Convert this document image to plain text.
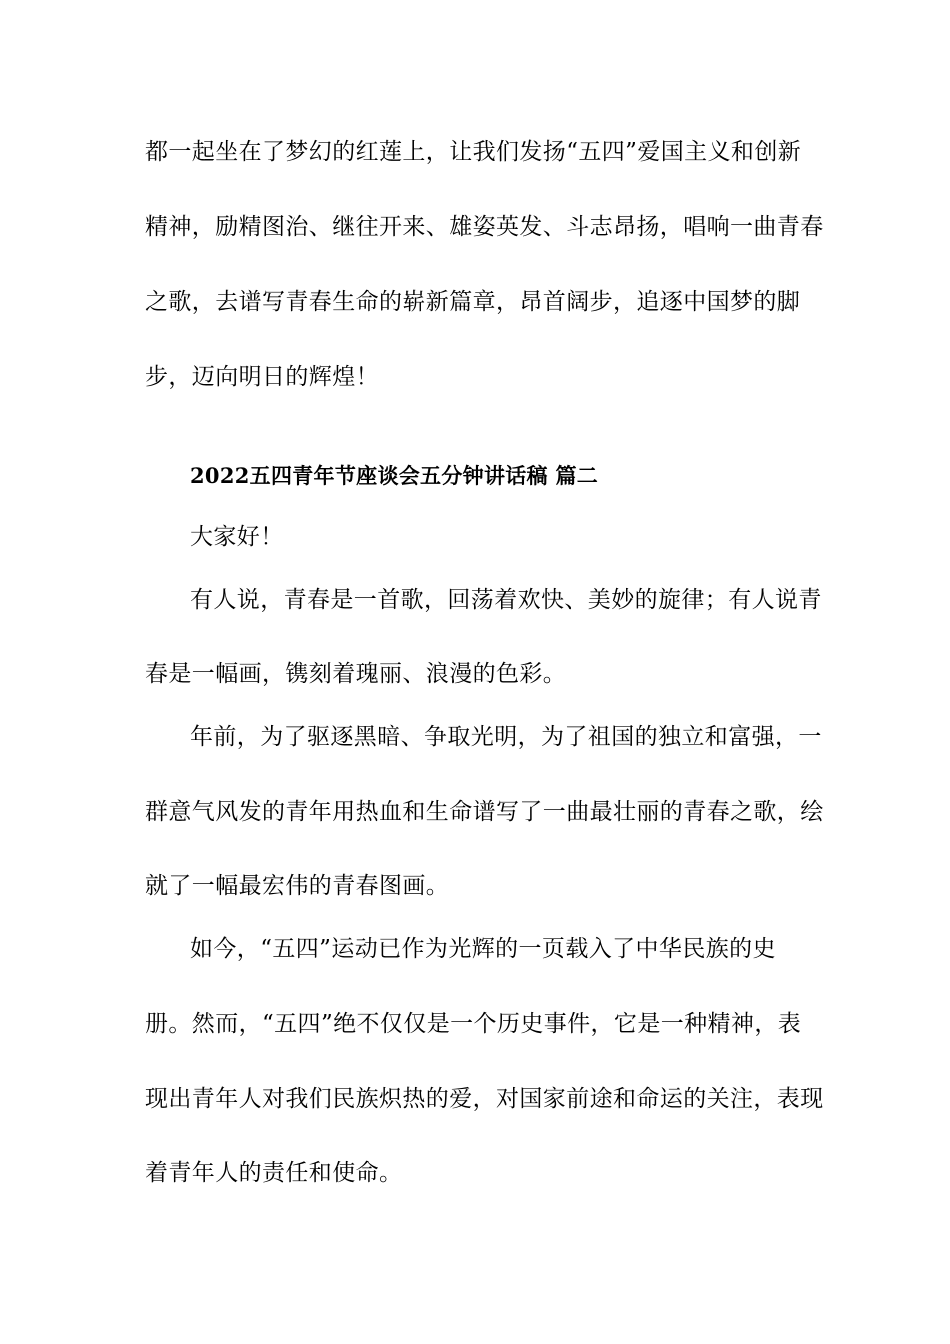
都一起坐在了梦幻的红莲上，让我们发扬“五四”爱国主义和创新
精神，励精图治、继往开来、雄姿英发、斗志昂扬，唱响一曲青春
之歌，去谱写青春生命的崭新篇章，昂首阔步，追逐中国梦的脚
步，迈向明日的辉煌！
2022五四青年节座谈会五分钟讲话稿 篇二
大家好！
有人说，青春是一首歌，回荡着欢快、美妙的旋律；有人说青
春是一幅画，镌刻着瑰丽、浪漫的色彩。
年前，为了驱逐黑暗、争取光明，为了祖国的独立和富强，一
群意气风发的青年用热血和生命谱写了一曲最壮丽的青春之歌，绘
就了一幅最宏伟的青春图画。
如今，“五四”运动已作为光辉的一页载入了中华民族的史
册。然而，“五四”绝不仅仅是一个历史事件，它是一种精神，表
现出青年人对我们民族炽热的爱，对国家前途和命运的关注，表现
着青年人的责任和使命。
